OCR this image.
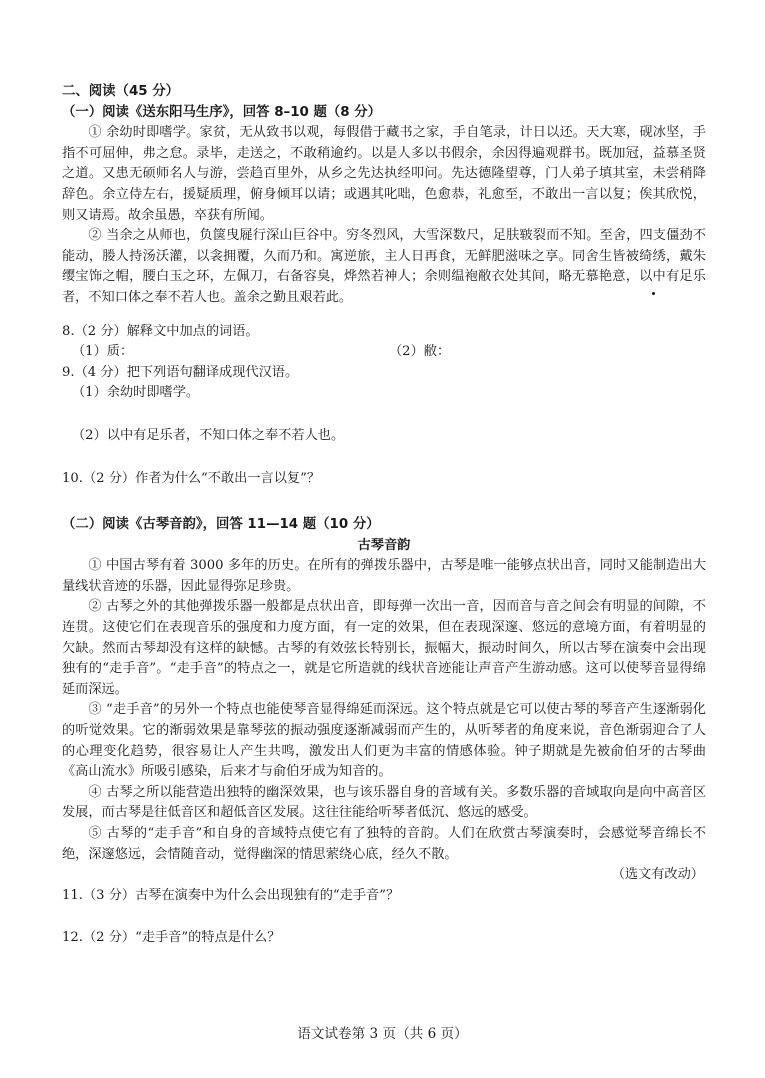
二、阅读（45 分）

（一）阅读《送东阳马生序》，回答 8–10 题（8 分）

① 余幼时即嗜学。家贫，无从致书以观，每假借于藏书之家，手自笔录，计日以还。天大寒，砚冰坚，手指不可屈伸，弗之怠。录毕，走送之，不敢稍逾约。以是人多以书假余，余因得遍观群书。既加冠，益慕圣贤之道。又患无硕师名人与游，尝趋百里外，从乡之先达执经叩问。先达德隆望尊，门人弟子填其室，未尝稍降辞色。余立侍左右，援疑质理，俯身倾耳以请；或遇其叱咄，色愈恭，礼愈至，不敢出一言以复；俟其欣悦，则又请焉。故余虽愚，卒获有所闻。

② 当余之从师也，负箧曳屣行深山巨谷中。穷冬烈风，大雪深数尺，足肤皲裂而不知。至舍，四支僵劲不能动，媵人持汤沃灌，以衾拥覆，久而乃和。寓逆旅，主人日再食，无鲜肥滋味之享。同舍生皆被绮绣，戴朱缨宝饰之帽，腰白玉之环，左佩刀，右备容臭，烨然若神人；余则缊袍敝衣处其间，略无慕艳意，以中有足乐者，不知口体之奉不若人也。盖余之勤且艰若此。

8.（2 分）解释文中加点的词语。

（1）质：	（2）敝：

9.（4 分）把下列语句翻译成现代汉语。

（1）余幼时即嗜学。

（2）以中有足乐者，不知口体之奉不若人也。

10.（2 分）作者为什么“不敢出一言以复”？

（二）阅读《古琴音韵》，回答 11—14 题（10 分）

古琴音韵

① 中国古琴有着 3000 多年的历史。在所有的弹拨乐器中，古琴是唯一能够点状出音，同时又能制造出大量线状音迹的乐器，因此显得弥足珍贵。

② 古琴之外的其他弹拨乐器一般都是点状出音，即每弹一次出一音，因而音与音之间会有明显的间隙，不连贯。这使它们在表现音乐的强度和力度方面，有一定的效果，但在表现深邃、悠远的意境方面，有着明显的欠缺。然而古琴却没有这样的缺憾。古琴的有效弦长特别长，振幅大，振动时间久，所以古琴在演奏中会出现独有的“走手音”。“走手音”的特点之一，就是它所造就的线状音迹能让声音产生游动感。这可以使琴音显得绵延而深远。

③ “走手音”的另外一个特点也能使琴音显得绵延而深远。这个特点就是它可以使古琴的琴音产生逐渐弱化的听觉效果。它的渐弱效果是靠琴弦的振动强度逐渐减弱而产生的，从听琴者的角度来说，音色渐弱迎合了人的心理变化趋势，很容易让人产生共鸣，激发出人们更为丰富的情感体验。钟子期就是先被俞伯牙的古琴曲《高山流水》所吸引感染，后来才与俞伯牙成为知音的。

④ 古琴之所以能营造出独特的幽深效果，也与该乐器自身的音域有关。多数乐器的音域取向是向中高音区发展，而古琴是往低音区和超低音区发展。这往往能给听琴者低沉、悠远的感受。

⑤ 古琴的“走手音”和自身的音域特点使它有了独特的音韵。人们在欣赏古琴演奏时，会感觉琴音绵长不绝，深邃悠远，会情随音动，觉得幽深的情思萦绕心底，经久不散。

（选文有改动）

11.（3 分）古琴在演奏中为什么会出现独有的“走手音”？

12.（2 分）“走手音”的特点是什么？

语文试卷第 3 页（共 6 页）
